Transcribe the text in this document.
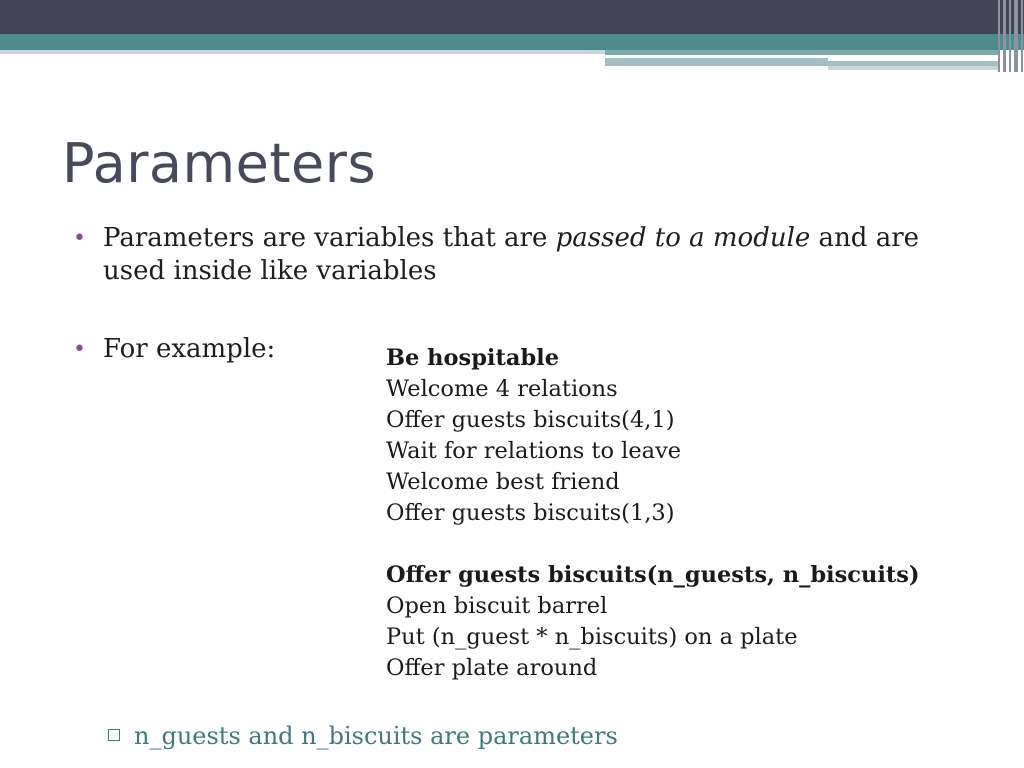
Parameters
• Parameters are variables that are passed to a module and are used inside like variables
• For example:	Be hospitable
Welcome 4 relations
Offer guests biscuits(4,1)
Wait for relations to leave
Welcome best friend
Offer guests biscuits(1,3)
Offer guests biscuits(n_guests, n_biscuits)
Open biscuit barrel
Put (n_guest * n_biscuits) on a plate
Offer plate around
n_guests and n_biscuits are parameters
